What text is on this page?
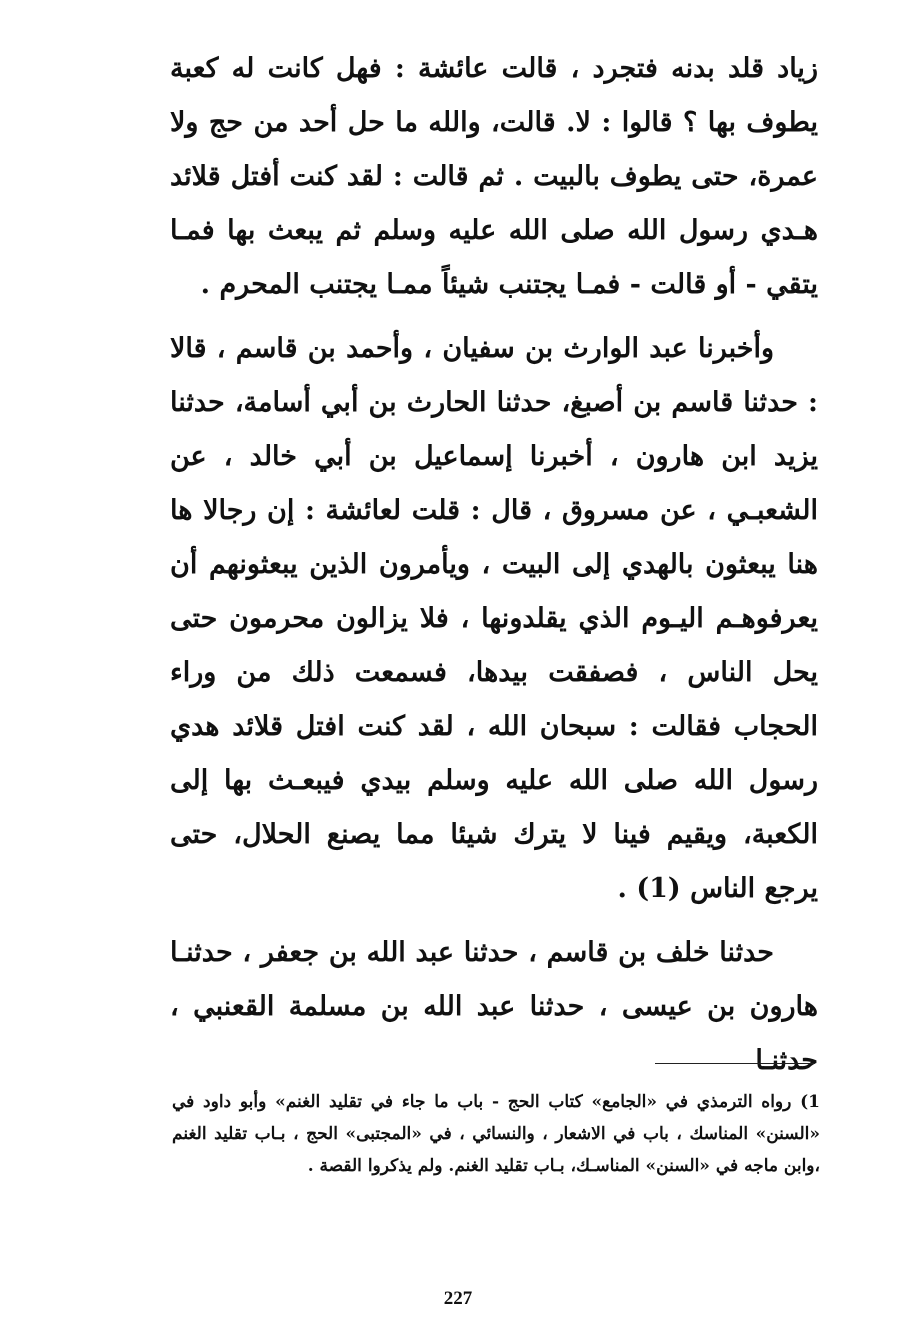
زياد قلد بدنه فتجرد ، قالت عائشة : فهل كانت له كعبة يطوف بها ؟ قالوا : لا. قالت، والله ما حل أحد من حج ولا عمرة، حتى يطوف بالبيت . ثم قالت : لقد كنت أفتل قلائد هـدي رسول الله صلى الله عليه وسلم ثم يبعث بها فمـا يتقي - أو قالت - فمـا يجتنب شيئاً ممـا يجتنب المحرم .

وأخبرنا عبد الوارث بن سفيان ، وأحمد بن قاسم ، قالا : حدثنا قاسم بن أصبغ، حدثنا الحارث بن أبي أسامة، حدثنا يزيد ابن هارون ، أخبرنا إسماعيل بن أبي خالد ، عن الشعبـي ، عن مسروق ، قال : قلت لعائشة : إن رجالا ها هنا يبعثون بالهدي إلى البيت ، ويأمرون الذين يبعثونهم أن يعرفوهـم اليـوم الذي يقلدونها ، فلا يزالون محرمون حتى يحل الناس ، فصفقت بيدها، فسمعت ذلك من وراء الحجاب فقالت : سبحان الله ، لقد كنت افتل قلائد هدي رسول الله صلى الله عليه وسلم بيدي فيبعـث بها إلى الكعبة، ويقيم فينا لا يترك شيئا مما يصنع الحلال، حتى يرجع الناس (1) .

حدثنا خلف بن قاسم ، حدثنا عبد الله بن جعفر ، حدثنـا هارون بن عيسى ، حدثنا عبد الله بن مسلمة القعنبي ، حدثنـا

1) رواه الترمذي في «الجامع» كتاب الحج - باب ما جاء في تقليد الغنم» وأبو داود في «السنن» المناسك ، باب في الاشعار ، والنسائي ، في «المجتبى» الحج ، بـاب تقليد الغنم ،وابن ماجه في «السنن» المناسـك، بـاب تقليد الغنم. ولم يذكروا القصة .

227
